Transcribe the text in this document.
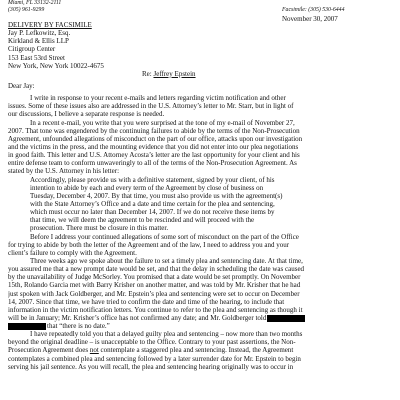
Miami, FL 33132-2111
(305) 961-9299	Facsimile: (305) 530-6444
November 30, 2007
DELIVERY BY FACSIMILE
Jay P. Lefkowitz, Esq.
Kirkland & Ellis LLP
Citigroup Center
153 East 53rd Street
New York, New York 10022-4675
Re: Jeffrey Epstein
Dear Jay:
I write in response to your recent e-mails and letters regarding victim notification and other
issues. Some of these issues also are addressed in the U.S. Attorney’s letter to Mr. Starr, but in light of
our discussions, I believe a separate response is needed.
In a recent e-mail, you write that you were surprised at the tone of my e-mail of November 27,
2007. That tone was engendered by the continuing failures to abide by the terms of the Non-Prosecution
Agreement, unfounded allegations of misconduct on the part of our office, attacks upon our investigation
and the victims in the press, and the mounting evidence that you did not enter into our plea negotiations
in good faith. This letter and U.S. Attorney Acosta’s letter are the last opportunity for your client and his
entire defense team to conform unwaveringly to all of the terms of the Non-Prosecution Agreement. As
stated by the U.S. Attorney in his letter:
Accordingly, please provide us with a definitive statement, signed by your client, of his
intention to abide by each and every term of the Agreement by close of business on
Tuesday, December 4, 2007. By that time, you must also provide us with the agreement(s)
with the State Attorney’s Office and a date and time certain for the plea and sentencing,
which must occur no later than December 14, 2007. If we do not receive these items by
that time, we will deem the agreement to be rescinded and will proceed with the
prosecution. There must be closure in this matter.
Before I address your continued allegations of some sort of misconduct on the part of the Office
for trying to abide by both the letter of the Agreement and of the law, I need to address you and your
client’s failure to comply with the Agreement.
Three weeks ago we spoke about the failure to set a timely plea and sentencing date. At that time,
you assured me that a new prompt date would be set, and that the delay in scheduling the date was caused
by the unavailability of Judge McSorley. You promised that a date would be set promptly. On November
15th, Rolando Garcia met with Barry Krisher on another matter, and was told by Mr. Krisher that he had
just spoken with Jack Goldberger, and Mr. Epstein’s plea and sentencing were set to occur on December
14, 2007. Since that time, we have tried to confirm the date and time of the hearing, to include that
information in the victim notification letters. You continue to refer to the plea and sentencing as though it
will be in January; Mr. Krisher’s office has not confirmed any date; and Mr. Goldberger told
that “there is no date.”
I have repeatedly told you that a delayed guilty plea and sentencing – now more than two months
beyond the original deadline – is unacceptable to the Office. Contrary to your past assertions, the Non-
Prosecution Agreement does not contemplate a staggered plea and sentencing. Instead, the Agreement
contemplates a combined plea and sentencing followed by a later surrender date for Mr. Epstein to begin
serving his jail sentence. As you will recall, the plea and sentencing hearing originally was to occur in
